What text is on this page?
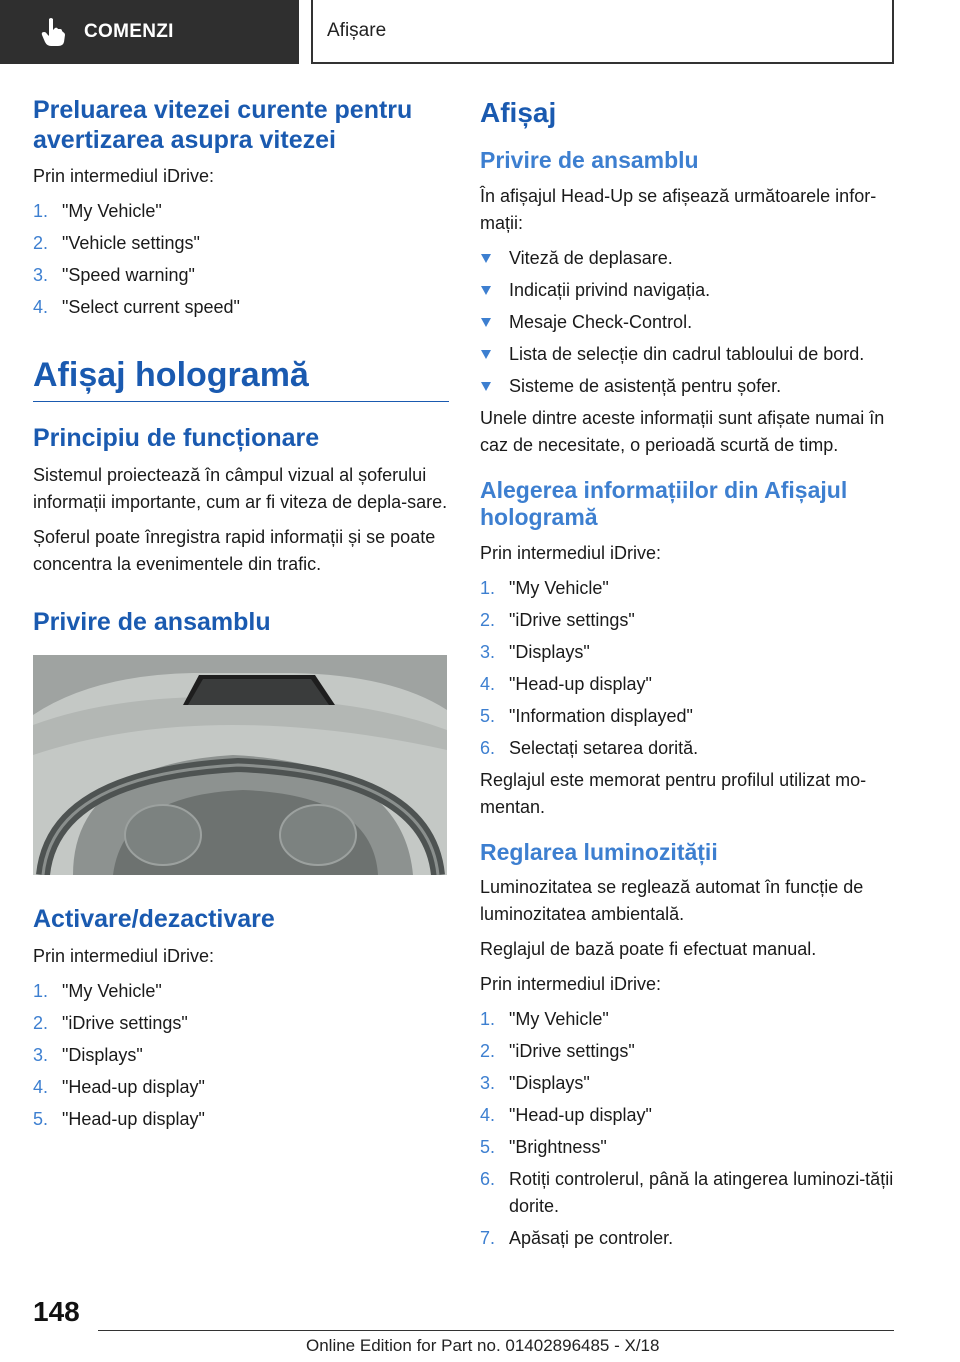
COMENZI	Afișare
Preluarea vitezei curente pentru avertizarea asupra vitezei

Prin intermediul iDrive:

1. "My Vehicle"
2. "Vehicle settings"
3. "Speed warning"
4. "Select current speed"
Afișaj hologramă
Principiu de funcționare

Sistemul proiectează în câmpul vizual al șoferului informații importante, cum ar fi viteza de depla-sare.

Șoferul poate înregistra rapid informații și se poate concentra la evenimentele din trafic.

Privire de ansamblu
Activare/dezactivare

Prin intermediul iDrive:

1. "My Vehicle"
2. "iDrive settings"
3. "Displays"
4. "Head-up display"
5. "Head-up display"
Afișaj
Privire de ansamblu

În afișajul Head-Up se afișează următoarele infor-mații:

Viteză de deplasare.
Indicații privind navigația.
Mesaje Check-Control.
Lista de selecție din cadrul tabloului de bord.
Sisteme de asistență pentru șofer.

Unele dintre aceste informații sunt afișate numai în caz de necesitate, o perioadă scurtă de timp.

Alegerea informațiilor din Afișajul hologramă

Prin intermediul iDrive:

1. "My Vehicle"
2. "iDrive settings"
3. "Displays"
4. "Head-up display"
5. "Information displayed"
6. Selectați setarea dorită.

Reglajul este memorat pentru profilul utilizat mo-mentan.

Reglarea luminozității

Luminozitatea se reglează automat în funcție de luminozitatea ambientală.

Reglajul de bază poate fi efectuat manual.

Prin intermediul iDrive:

1. "My Vehicle"
2. "iDrive settings"
3. "Displays"
4. "Head-up display"
5. "Brightness"
6. Rotiți controlerul, până la atingerea luminozi-tății dorite.
7. Apăsați pe controler.
148
Online Edition for Part no. 01402896485 - X/18
